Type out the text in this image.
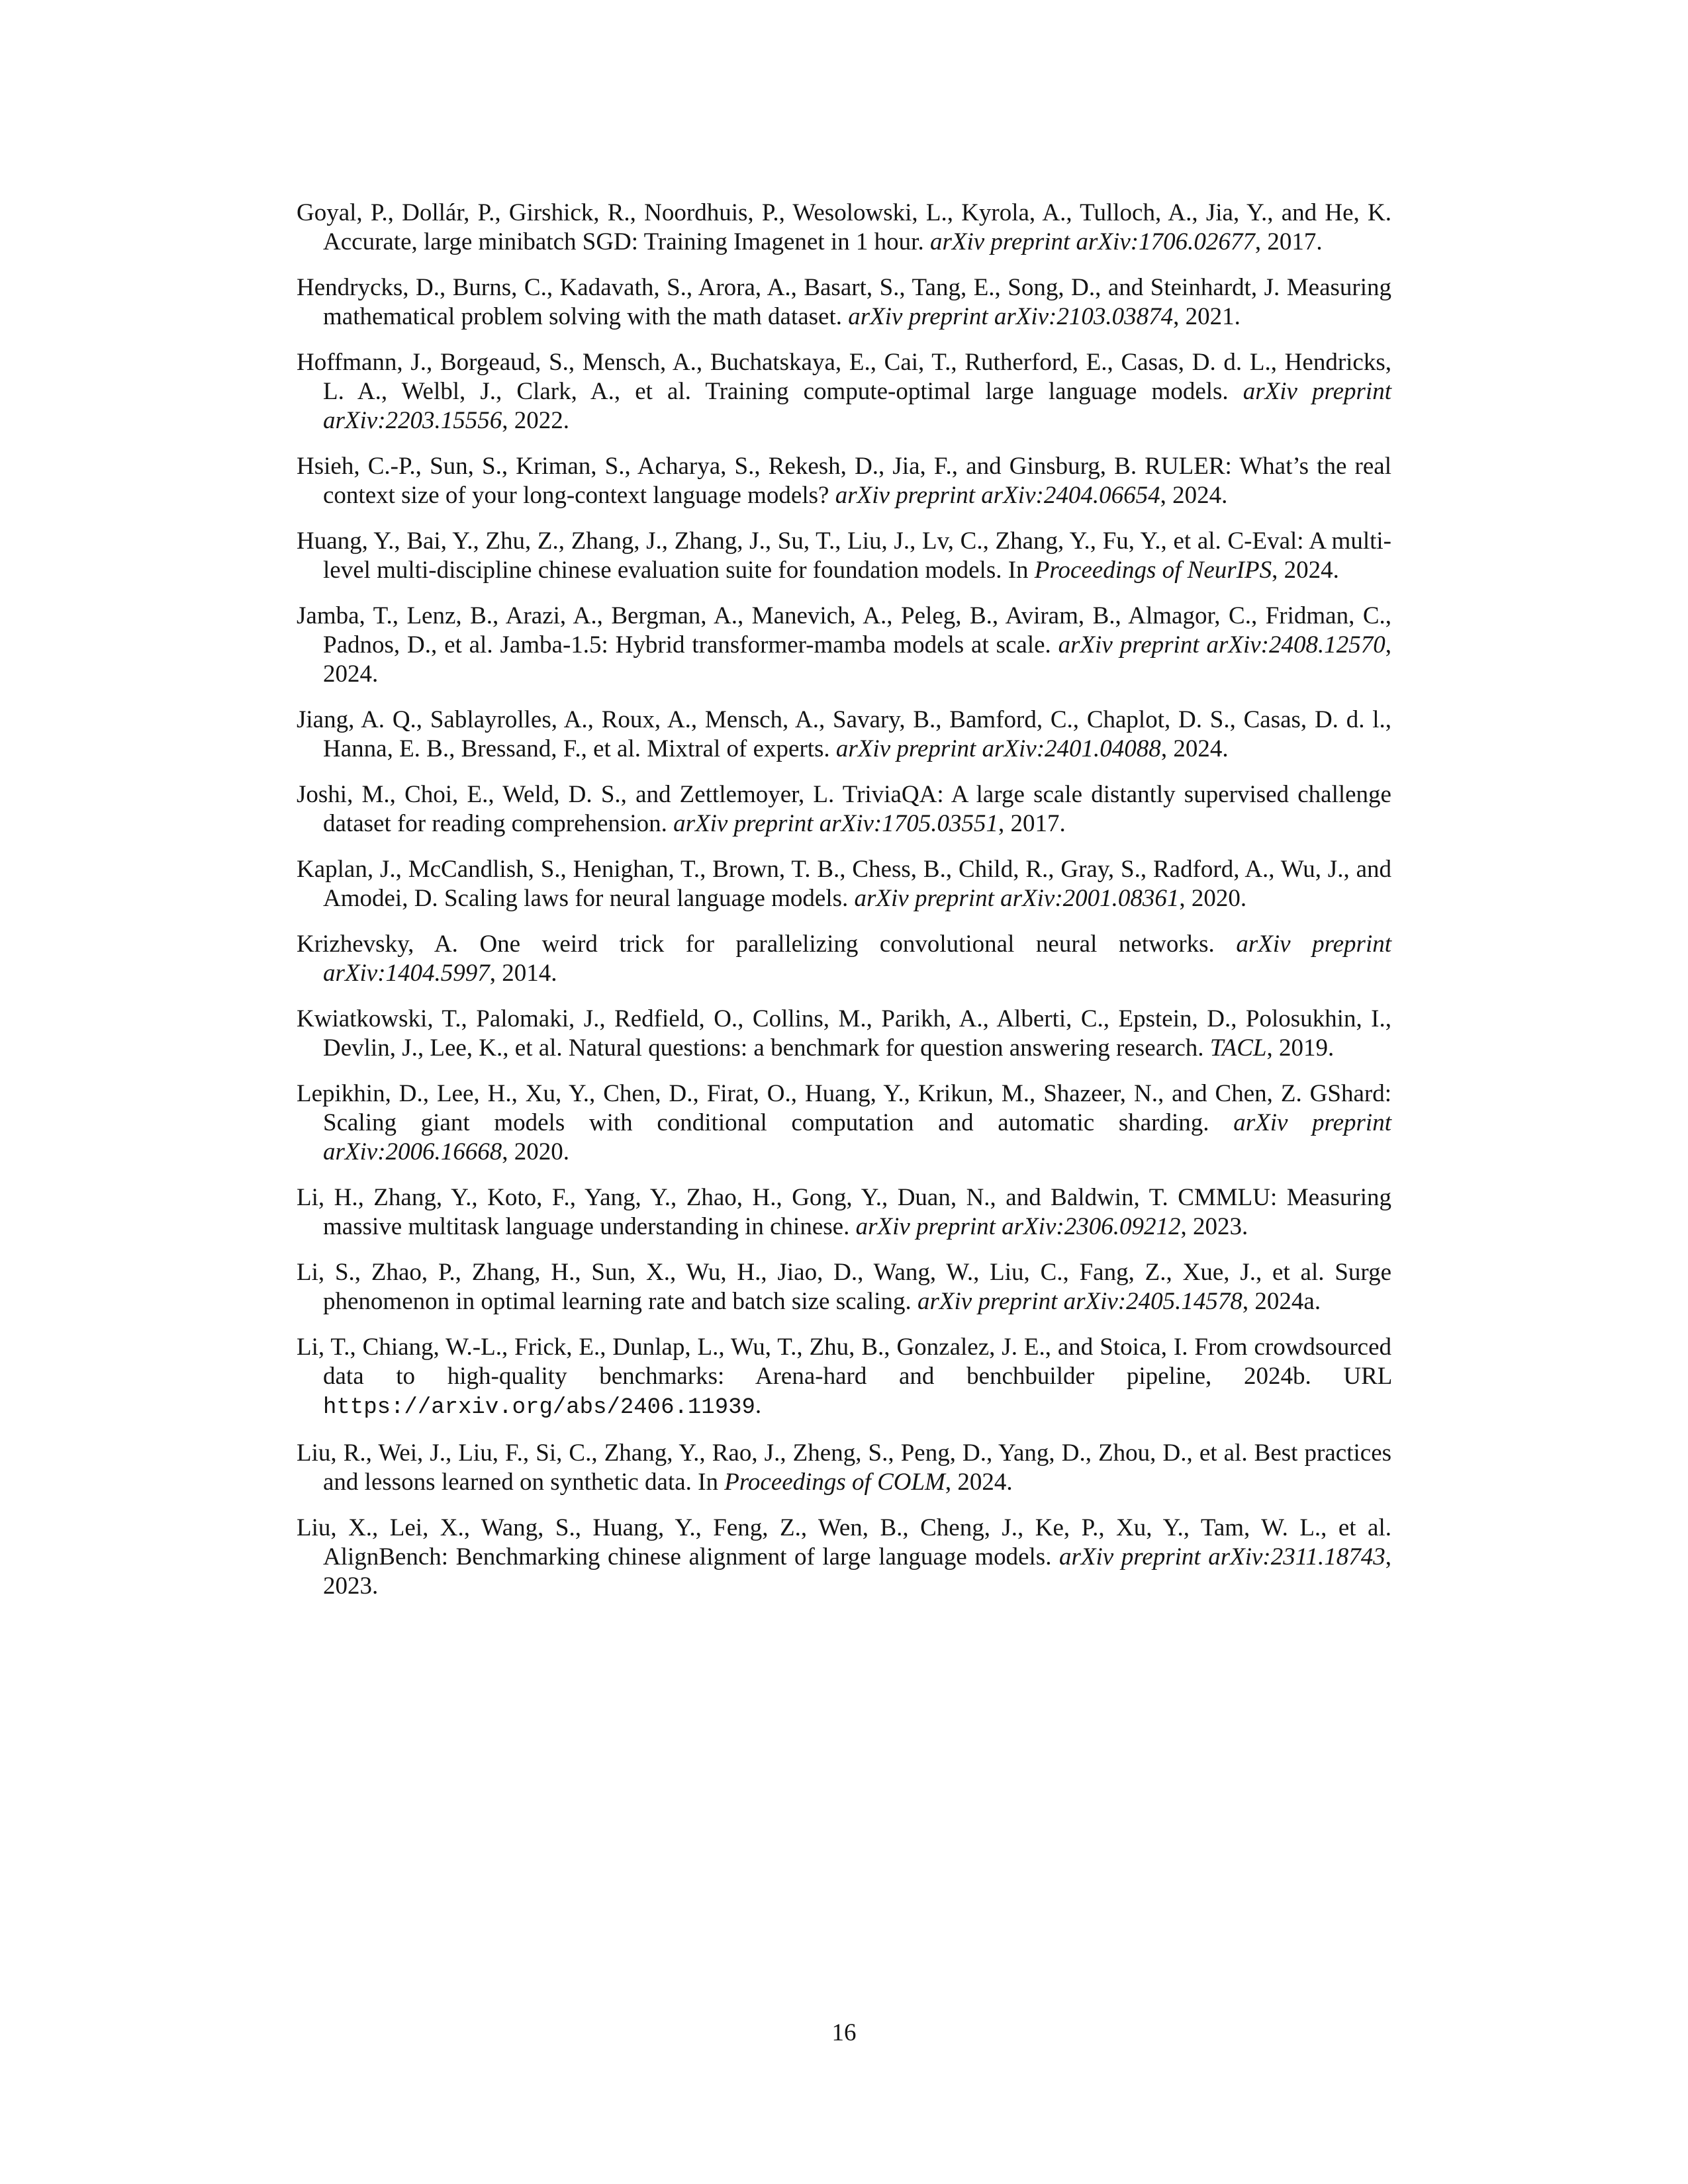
Goyal, P., Dollár, P., Girshick, R., Noordhuis, P., Wesolowski, L., Kyrola, A., Tulloch, A., Jia, Y., and He, K. Accurate, large minibatch SGD: Training Imagenet in 1 hour. arXiv preprint arXiv:1706.02677, 2017.

Hendrycks, D., Burns, C., Kadavath, S., Arora, A., Basart, S., Tang, E., Song, D., and Steinhardt, J. Measuring mathematical problem solving with the math dataset. arXiv preprint arXiv:2103.03874, 2021.

Hoffmann, J., Borgeaud, S., Mensch, A., Buchatskaya, E., Cai, T., Rutherford, E., Casas, D. d. L., Hendricks, L. A., Welbl, J., Clark, A., et al. Training compute-optimal large language models. arXiv preprint arXiv:2203.15556, 2022.

Hsieh, C.-P., Sun, S., Kriman, S., Acharya, S., Rekesh, D., Jia, F., and Ginsburg, B. RULER: What’s the real context size of your long-context language models? arXiv preprint arXiv:2404.06654, 2024.

Huang, Y., Bai, Y., Zhu, Z., Zhang, J., Zhang, J., Su, T., Liu, J., Lv, C., Zhang, Y., Fu, Y., et al. C-Eval: A multi-level multi-discipline chinese evaluation suite for foundation models. In Proceedings of NeurIPS, 2024.

Jamba, T., Lenz, B., Arazi, A., Bergman, A., Manevich, A., Peleg, B., Aviram, B., Almagor, C., Fridman, C., Padnos, D., et al. Jamba-1.5: Hybrid transformer-mamba models at scale. arXiv preprint arXiv:2408.12570, 2024.

Jiang, A. Q., Sablayrolles, A., Roux, A., Mensch, A., Savary, B., Bamford, C., Chaplot, D. S., Casas, D. d. l., Hanna, E. B., Bressand, F., et al. Mixtral of experts. arXiv preprint arXiv:2401.04088, 2024.

Joshi, M., Choi, E., Weld, D. S., and Zettlemoyer, L. TriviaQA: A large scale distantly supervised challenge dataset for reading comprehension. arXiv preprint arXiv:1705.03551, 2017.

Kaplan, J., McCandlish, S., Henighan, T., Brown, T. B., Chess, B., Child, R., Gray, S., Radford, A., Wu, J., and Amodei, D. Scaling laws for neural language models. arXiv preprint arXiv:2001.08361, 2020.

Krizhevsky, A. One weird trick for parallelizing convolutional neural networks. arXiv preprint arXiv:1404.5997, 2014.

Kwiatkowski, T., Palomaki, J., Redfield, O., Collins, M., Parikh, A., Alberti, C., Epstein, D., Polosukhin, I., Devlin, J., Lee, K., et al. Natural questions: a benchmark for question answering research. TACL, 2019.

Lepikhin, D., Lee, H., Xu, Y., Chen, D., Firat, O., Huang, Y., Krikun, M., Shazeer, N., and Chen, Z. GShard: Scaling giant models with conditional computation and automatic sharding. arXiv preprint arXiv:2006.16668, 2020.

Li, H., Zhang, Y., Koto, F., Yang, Y., Zhao, H., Gong, Y., Duan, N., and Baldwin, T. CMMLU: Measuring massive multitask language understanding in chinese. arXiv preprint arXiv:2306.09212, 2023.

Li, S., Zhao, P., Zhang, H., Sun, X., Wu, H., Jiao, D., Wang, W., Liu, C., Fang, Z., Xue, J., et al. Surge phenomenon in optimal learning rate and batch size scaling. arXiv preprint arXiv:2405.14578, 2024a.

Li, T., Chiang, W.-L., Frick, E., Dunlap, L., Wu, T., Zhu, B., Gonzalez, J. E., and Stoica, I. From crowdsourced data to high-quality benchmarks: Arena-hard and benchbuilder pipeline, 2024b. URL https://arxiv.org/abs/2406.11939.

Liu, R., Wei, J., Liu, F., Si, C., Zhang, Y., Rao, J., Zheng, S., Peng, D., Yang, D., Zhou, D., et al. Best practices and lessons learned on synthetic data. In Proceedings of COLM, 2024.

Liu, X., Lei, X., Wang, S., Huang, Y., Feng, Z., Wen, B., Cheng, J., Ke, P., Xu, Y., Tam, W. L., et al. AlignBench: Benchmarking chinese alignment of large language models. arXiv preprint arXiv:2311.18743, 2023.

16
